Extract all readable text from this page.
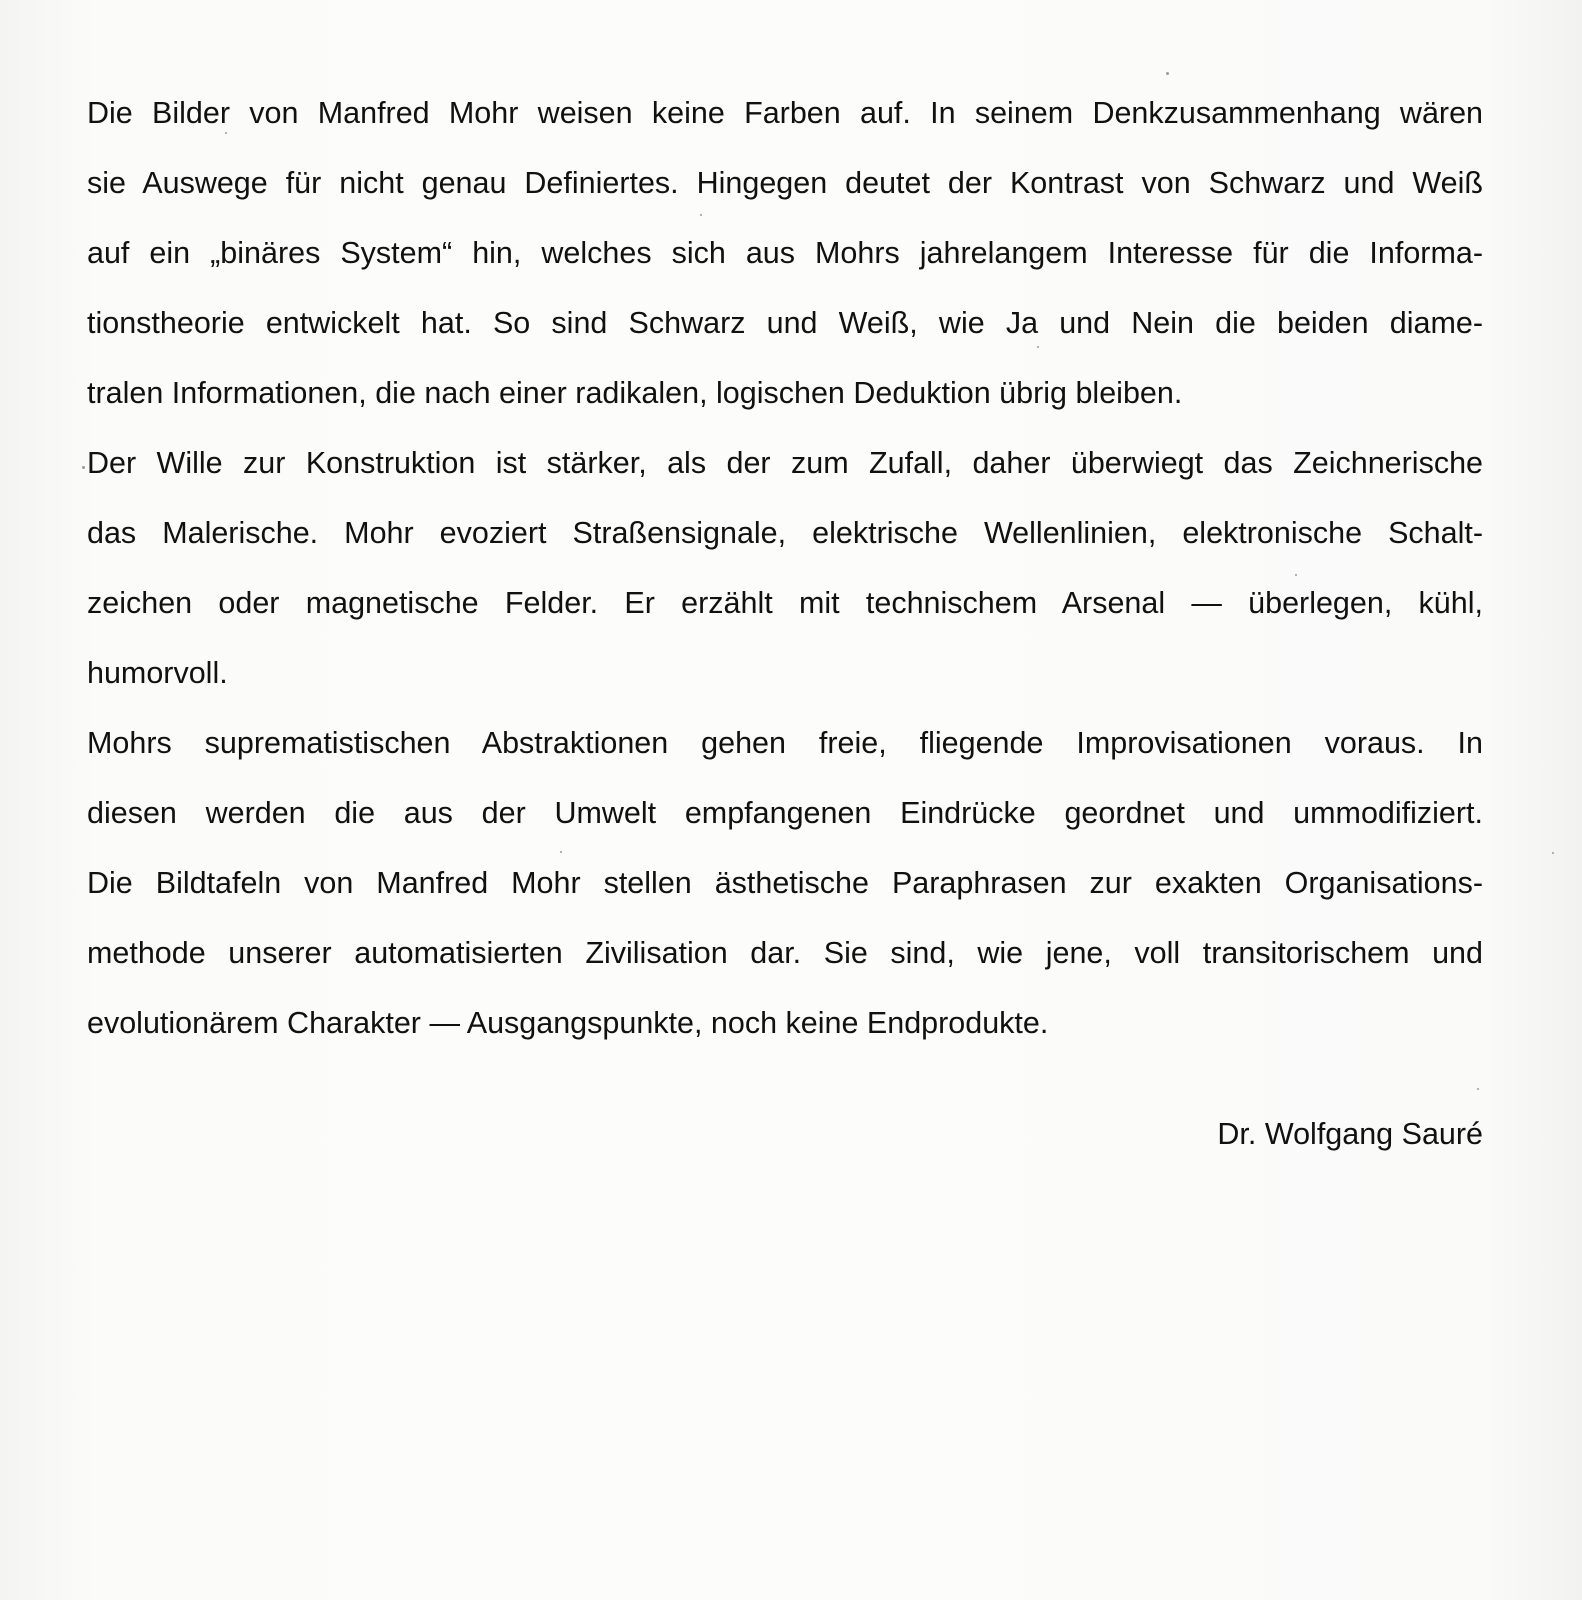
Die Bilder von Manfred Mohr weisen keine Farben auf. In seinem Denkzusammenhang wären
sie Auswege für nicht genau Definiertes. Hingegen deutet der Kontrast von Schwarz und Weiß
auf ein „binäres System“ hin, welches sich aus Mohrs jahrelangem Interesse für die Informa-
tionstheorie entwickelt hat. So sind Schwarz und Weiß, wie Ja und Nein die beiden diame-
tralen Informationen, die nach einer radikalen, logischen Deduktion übrig bleiben.
Der Wille zur Konstruktion ist stärker, als der zum Zufall, daher überwiegt das Zeichnerische
das Malerische. Mohr evoziert Straßensignale, elektrische Wellenlinien, elektronische Schalt-
zeichen oder magnetische Felder. Er erzählt mit technischem Arsenal — überlegen, kühl,
humorvoll.
Mohrs suprematistischen Abstraktionen gehen freie, fliegende Improvisationen voraus. In
diesen werden die aus der Umwelt empfangenen Eindrücke geordnet und ummodifiziert.
Die Bildtafeln von Manfred Mohr stellen ästhetische Paraphrasen zur exakten Organisations-
methode unserer automatisierten Zivilisation dar. Sie sind, wie jene, voll transitorischem und
evolutionärem Charakter — Ausgangspunkte, noch keine Endprodukte.
Dr. Wolfgang Sauré
